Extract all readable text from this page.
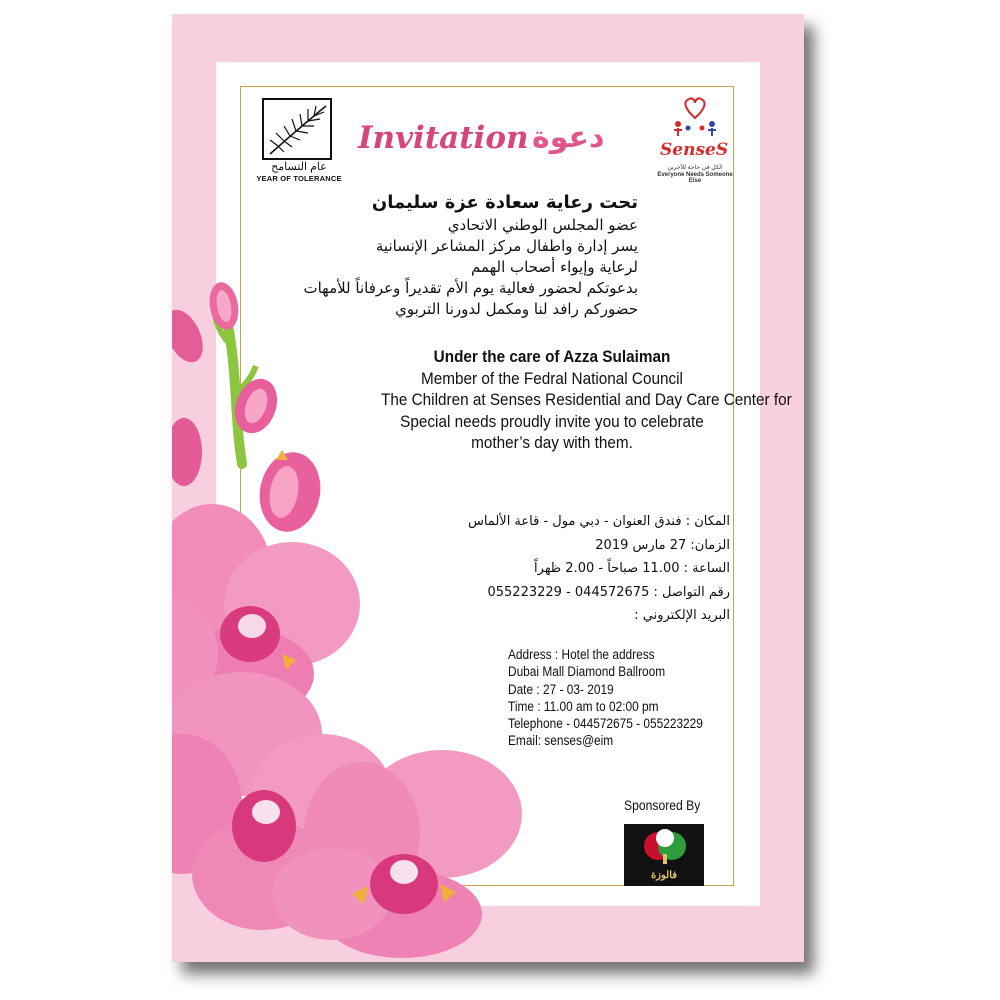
عام التسامح
YEAR OF TOLERANCE
Invitation دعوة	SenseS
الكل في حاجة للآخرين
Everyone Needs Someone Else
تحت رعاية سعادة عزة سليمان
عضو المجلس الوطني الاتحادي
يسر إدارة واطفال مركز المشاعر الإنسانية
لرعاية وإيواء أصحاب الهمم
بدعوتكم لحضور فعالية يوم الأم تقديراً وعرفاناً للأمهات
حضوركم رافد لنا ومكمل لدورنا التربوي
Under the care of Azza Sulaiman
Member of the Fedral National Council
The Children at Senses Residential and Day Care Center for
Special needs proudly invite you to celebrate
mother’s day with them.
المكان : فندق العنوان - دبي مول - قاعة الألماس
الزمان: 27 مارس 2019
الساعة : 11.00 صباحاً - 2.00 ظهراً
رقم التواصل : 044572675 - 055223229
البريد الإلكتروني :
Address : Hotel the address
Dubai Mall Diamond Ballroom
Date : 27 - 03- 2019
Time : 11.00 am to 02:00 pm
Telephone - 044572675 - 055223229
Email: senses@eim
Sponsored By
فالوزة
